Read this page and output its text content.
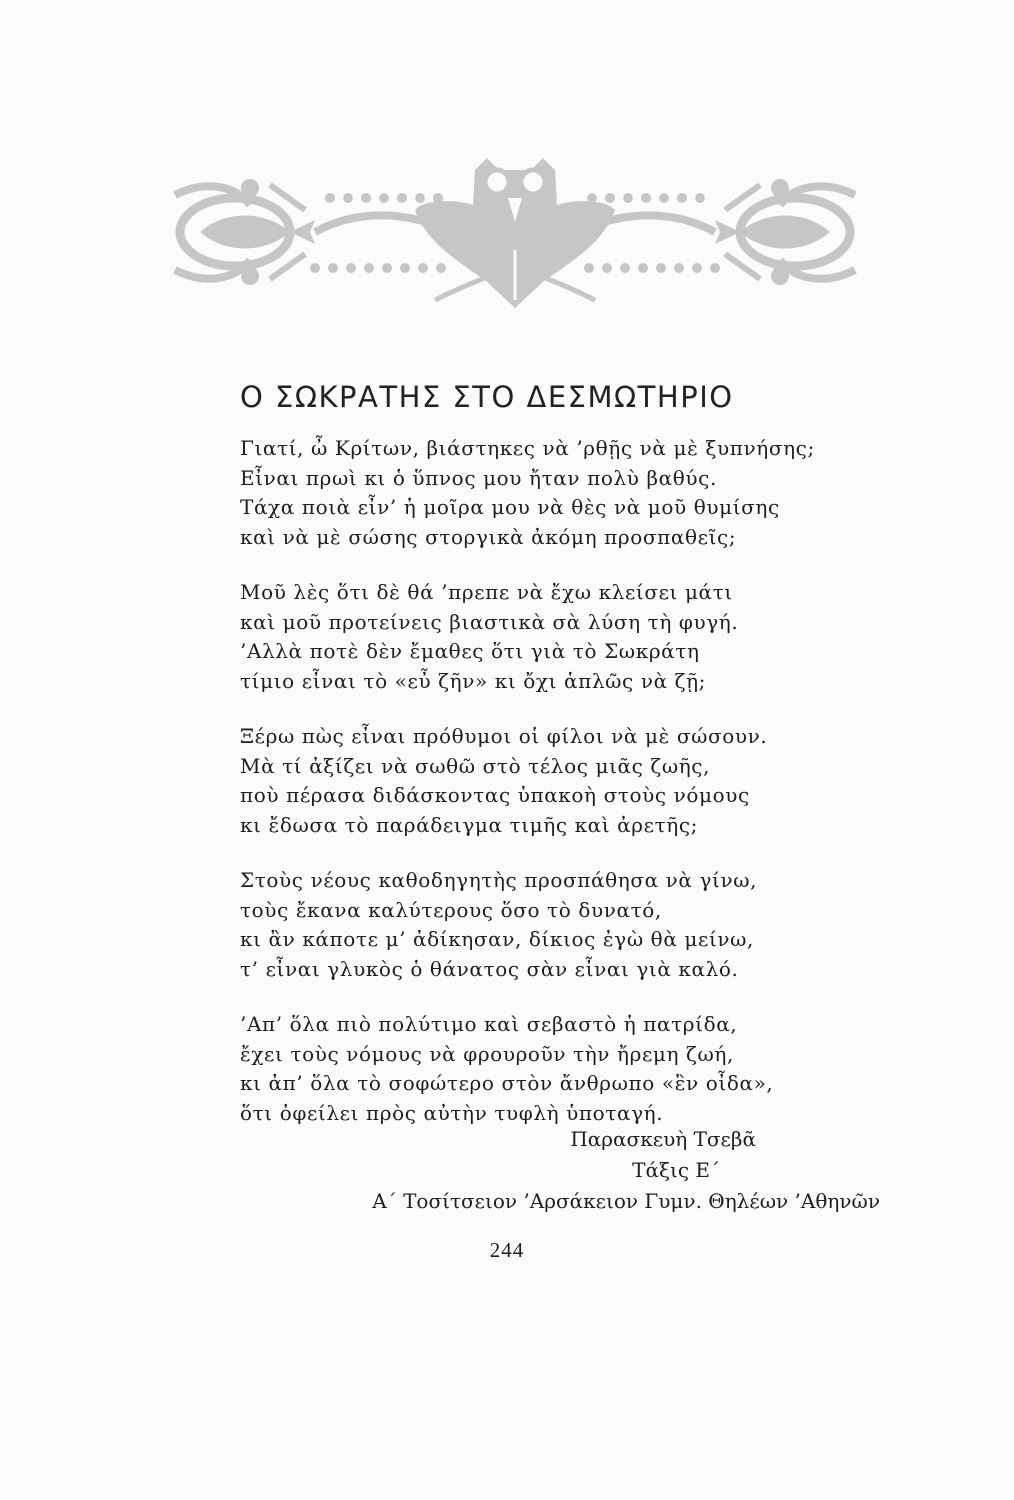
Ο ΣΩΚΡΑΤΗΣ ΣΤΟ ΔΕΣΜΩΤΗΡΙΟ
Γιατί, ὦ Κρίτων, βιάστηκες νὰ ’ρθῇς νὰ μὲ ξυπνήσης;
Εἶναι πρωὶ κι ὁ ὕπνος μου ἤταν πολὺ βαθύς.
Τάχα ποιὰ εἶν’ ἡ μοῖρα μου νὰ θὲς νὰ μοῦ θυμίσης
καὶ νὰ μὲ σώσης στοργικὰ ἀκόμη προσπαθεῖς;
Μοῦ λὲς ὅτι δὲ θά ’πρεπε νὰ ἔχω κλείσει μάτι
καὶ μοῦ προτείνεις βιαστικὰ σὰ λύση τὴ φυγή.
’Αλλὰ ποτὲ δὲν ἔμαθες ὅτι γιὰ τὸ Σωκράτη
τίμιο εἶναι τὸ «εὖ ζῆν» κι ὄχι ἁπλῶς νὰ ζῇ;
Ξέρω πὼς εἶναι πρόθυμοι οἱ φίλοι νὰ μὲ σώσουν.
Μὰ τί ἀξίζει νὰ σωθῶ στὸ τέλος μιᾶς ζωῆς,
ποὺ πέρασα διδάσκοντας ὑπακοὴ στοὺς νόμους
κι ἔδωσα τὸ παράδειγμα τιμῆς καὶ ἀρετῆς;
Στοὺς νέους καθοδηγητὴς προσπάθησα νὰ γίνω,
τοὺς ἔκανα καλύτερους ὅσο τὸ δυνατό,
κι ἂν κάποτε μ’ ἀδίκησαν, δίκιος ἐγὼ θὰ μείνω,
τ’ εἶναι γλυκὸς ὁ θάνατος σὰν εἶναι γιὰ καλό.
’Απ’ ὅλα πιὸ πολύτιμο καὶ σεβαστὸ ἡ πατρίδα,
ἔχει τοὺς νόμους νὰ φρουροῦν τὴν ἤρεμη ζωή,
κι ἀπ’ ὅλα τὸ σοφώτερο στὸν ἄνθρωπο «ἓν οἶδα»,
ὅτι ὀφείλει πρὸς αὐτὴν τυφλὴ ὑποταγή.
Παρασκευὴ Τσεβᾶ
Τάξις Ε΄
Α΄ Τοσίτσειον ’Αρσάκειον Γυμν. Θηλέων ’Αθηνῶν
244
